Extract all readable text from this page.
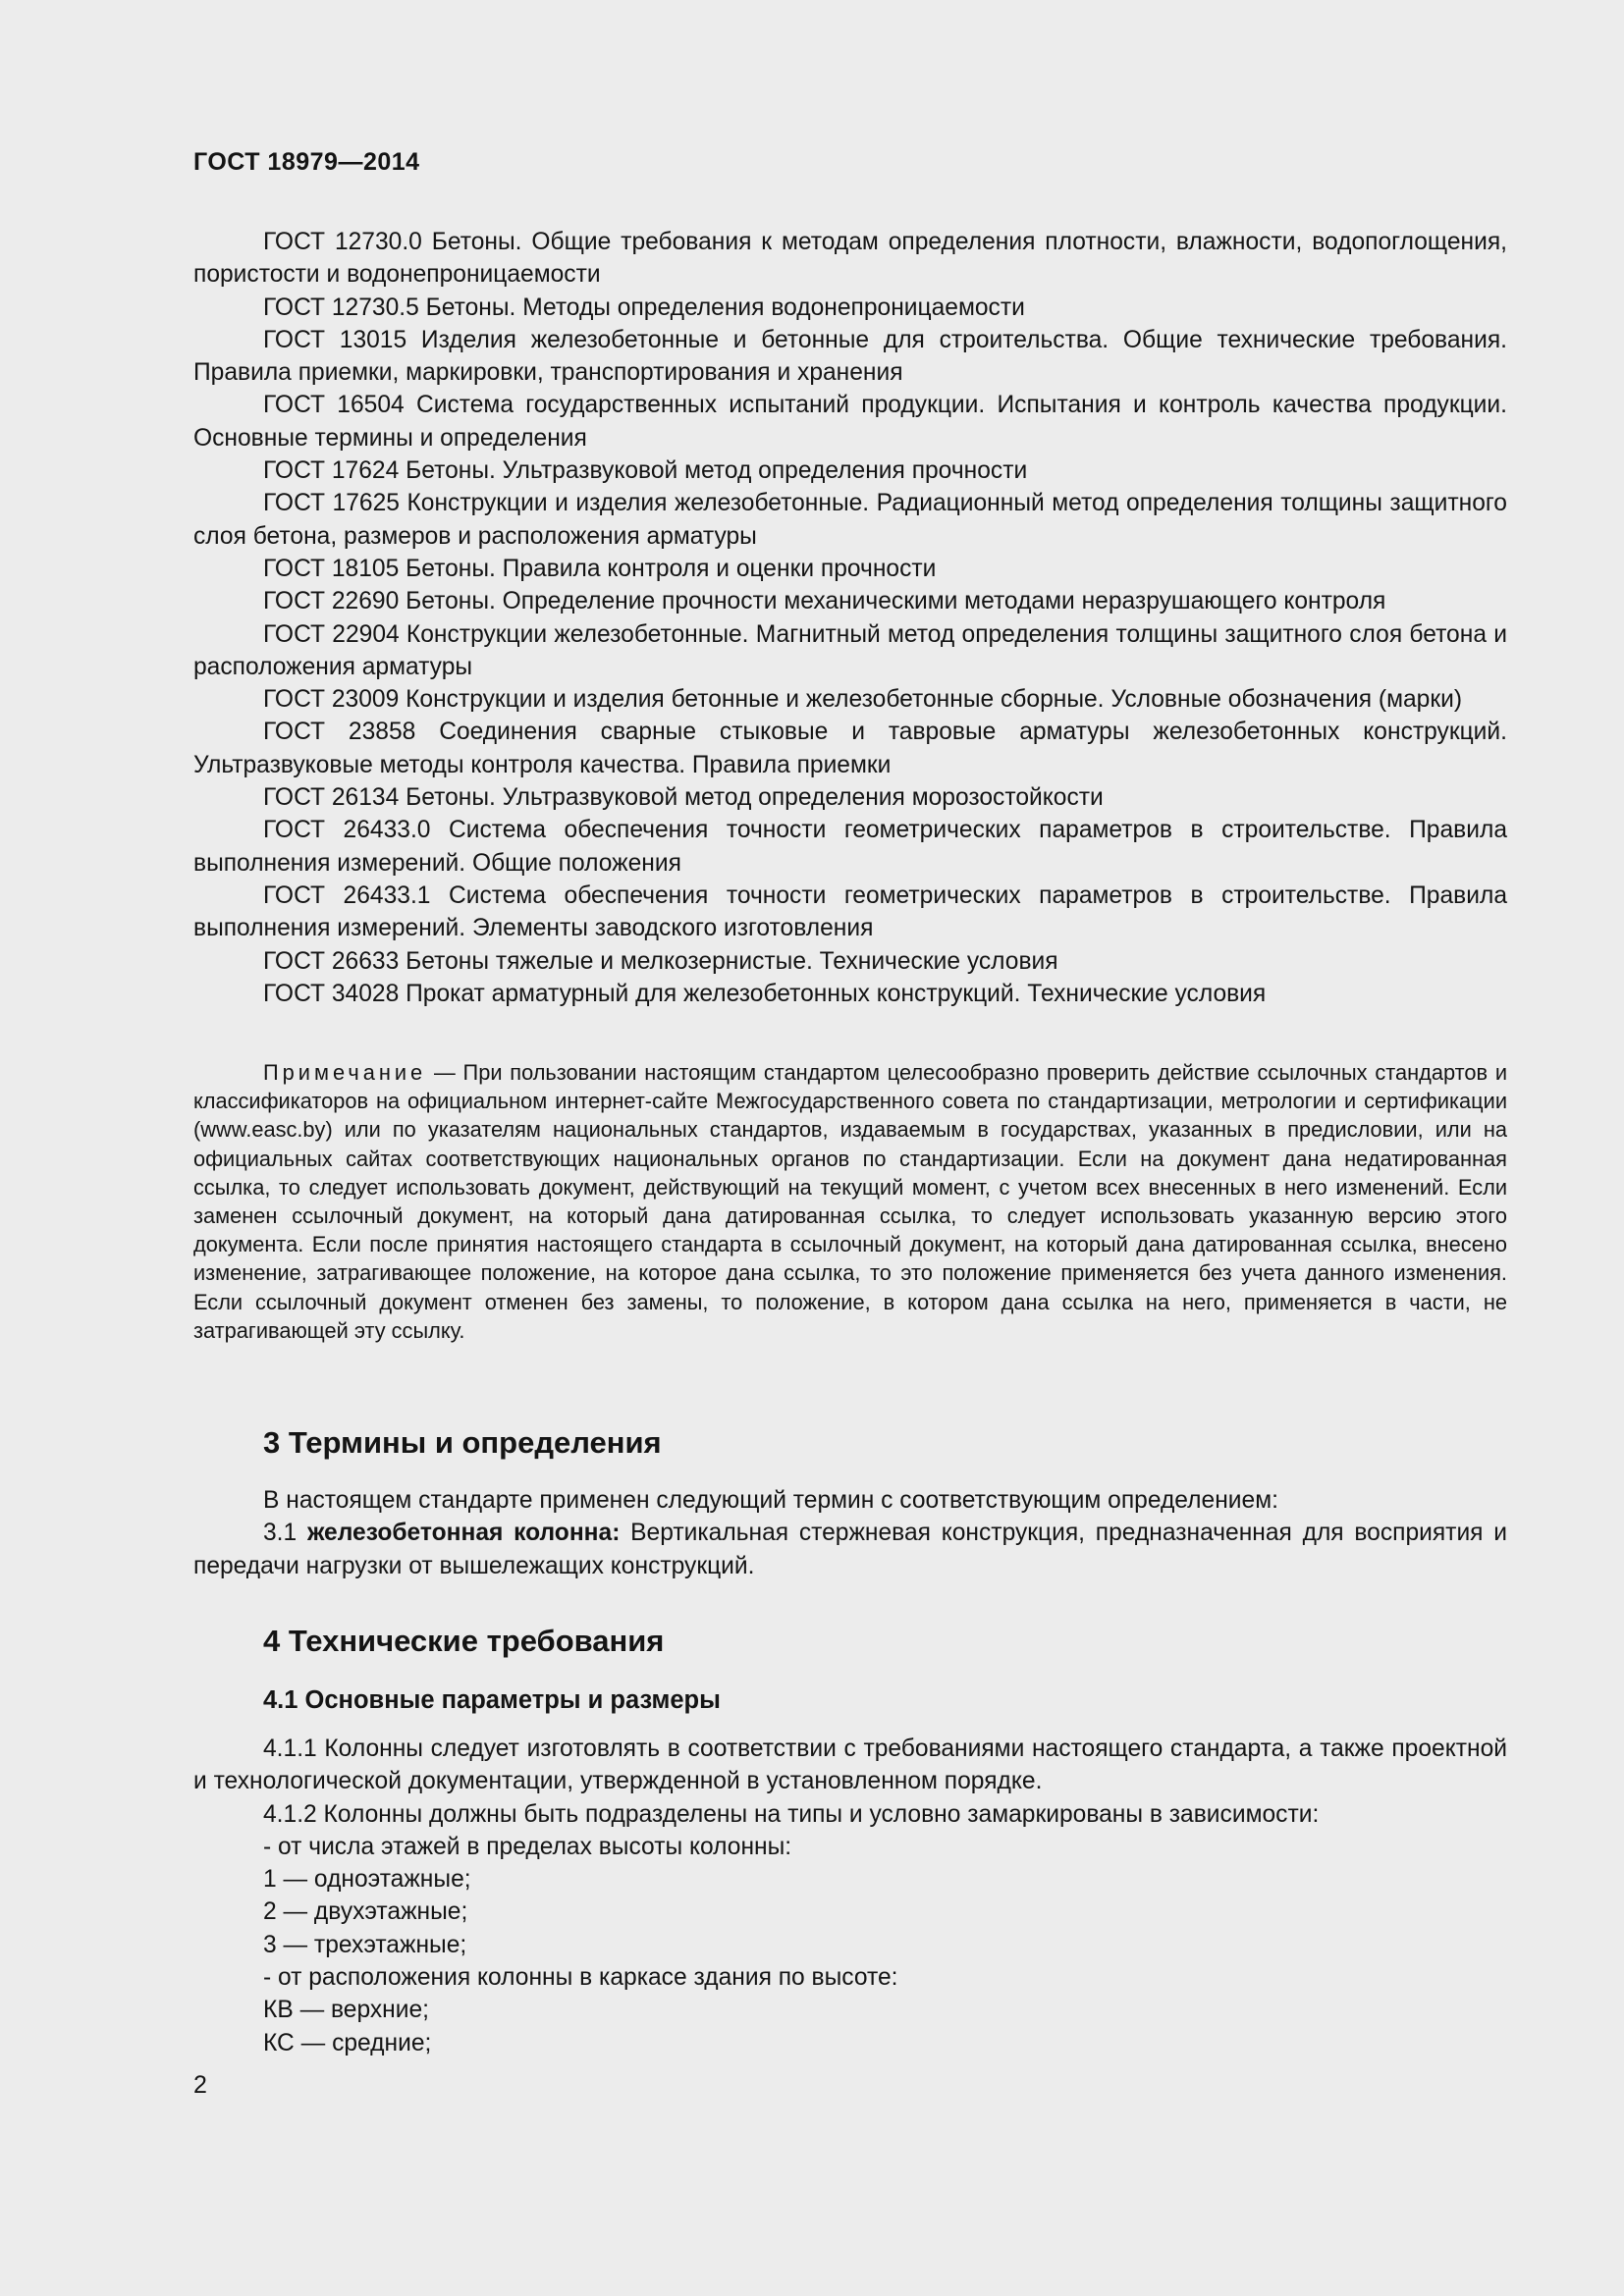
ГОСТ 18979—2014

ГОСТ 12730.0 Бетоны. Общие требования к методам определения плотности, влажности, водопоглощения, пористости и водонепроницаемости

ГОСТ 12730.5 Бетоны. Методы определения водонепроницаемости

ГОСТ 13015 Изделия железобетонные и бетонные для строительства. Общие технические требования. Правила приемки, маркировки, транспортирования и хранения

ГОСТ 16504 Система государственных испытаний продукции. Испытания и контроль качества продукции. Основные термины и определения

ГОСТ 17624 Бетоны. Ультразвуковой метод определения прочности

ГОСТ 17625 Конструкции и изделия железобетонные. Радиационный метод определения толщины защитного слоя бетона, размеров и расположения арматуры

ГОСТ 18105 Бетоны. Правила контроля и оценки прочности

ГОСТ 22690 Бетоны. Определение прочности механическими методами неразрушающего контроля

ГОСТ 22904 Конструкции железобетонные. Магнитный метод определения толщины защитного слоя бетона и расположения арматуры

ГОСТ 23009 Конструкции и изделия бетонные и железобетонные сборные. Условные обозначения (марки)

ГОСТ 23858 Соединения сварные стыковые и тавровые арматуры железобетонных конструкций. Ультразвуковые методы контроля качества. Правила приемки

ГОСТ 26134 Бетоны. Ультразвуковой метод определения морозостойкости

ГОСТ 26433.0 Система обеспечения точности геометрических параметров в строительстве. Правила выполнения измерений. Общие положения

ГОСТ 26433.1 Система обеспечения точности геометрических параметров в строительстве. Правила выполнения измерений. Элементы заводского изготовления

ГОСТ 26633 Бетоны тяжелые и мелкозернистые. Технические условия

ГОСТ 34028 Прокат арматурный для железобетонных конструкций. Технические условия

Примечание — При пользовании настоящим стандартом целесообразно проверить действие ссылочных стандартов и классификаторов на официальном интернет-сайте Межгосударственного совета по стандартизации, метрологии и сертификации (www.easc.by) или по указателям национальных стандартов, издаваемым в государствах, указанных в предисловии, или на официальных сайтах соответствующих национальных органов по стандартизации. Если на документ дана недатированная ссылка, то следует использовать документ, действующий на текущий момент, с учетом всех внесенных в него изменений. Если заменен ссылочный документ, на который дана датированная ссылка, то следует использовать указанную версию этого документа. Если после принятия настоящего стандарта в ссылочный документ, на который дана датированная ссылка, внесено изменение, затрагивающее положение, на которое дана ссылка, то это положение применяется без учета данного изменения. Если ссылочный документ отменен без замены, то положение, в котором дана ссылка на него, применяется в части, не затрагивающей эту ссылку.

3 Термины и определения

В настоящем стандарте применен следующий термин с соответствующим определением:

3.1 железобетонная колонна: Вертикальная стержневая конструкция, предназначенная для восприятия и передачи нагрузки от вышележащих конструкций.

4 Технические требования
4.1 Основные параметры и размеры

4.1.1 Колонны следует изготовлять в соответствии с требованиями настоящего стандарта, а также проектной и технологической документации, утвержденной в установленном порядке.

4.1.2 Колонны должны быть подразделены на типы и условно замаркированы в зависимости:

- от числа этажей в пределах высоты колонны:

1 — одноэтажные;

2 — двухэтажные;

3 — трехэтажные;

- от расположения колонны в каркасе здания по высоте:

КВ — верхние;

КС — средние;

2
